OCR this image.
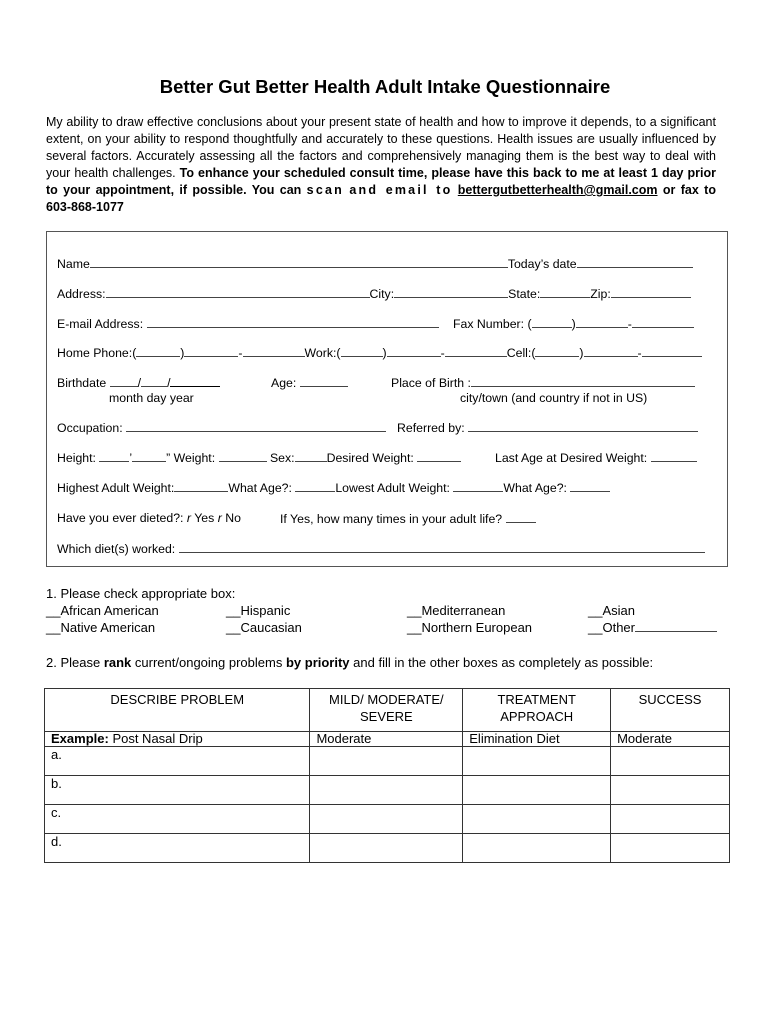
Better Gut Better Health Adult Intake Questionnaire
My ability to draw effective conclusions about your present state of health and how to improve it depends, to a significant extent, on your ability to respond thoughtfully and accurately to these questions. Health issues are usually influenced by several factors. Accurately assessing all the factors and comprehensively managing them is the best way to deal with your health challenges. To enhance your scheduled consult time, please have this back to me at least 1 day prior to your appointment, if possible. You can scan and email to bettergutbetterhealth@gmail.com or fax to 603-868-1077
Name	Today’s date
Address:	City:	State:	Zip:
E-mail Address:	Fax Number: (	)	-
Home Phone:(	)	-	Work:(	)	-	Cell:(	)	-
Birthdate	/ /
month day year
Age:	Place of Birth :
city/town (and country if not in US)
Occupation:	Referred by:
Height:	’	” Weight:	Sex:	Desired Weight:	Last Age at Desired Weight:
Highest Adult Weight:	What Age?:	Lowest Adult Weight:	What Age?:
Have you ever dieted?: r Yes r No	If Yes, how many times in your adult life?
Which diet(s) worked:
1. Please check appropriate box:
__African American	__Hispanic	__Mediterranean	__Asian
__Native American	__Caucasian	__Northern European	__Other
2. Please rank current/ongoing problems by priority and fill in the other boxes as completely as possible:
DESCRIBE PROBLEM	MILD/ MODERATE/ SEVERE	TREATMENT APPROACH	SUCCESS
Example: Post Nasal Drip	Moderate	Elimination Diet	Moderate
a.			
b.			
c.			
d.			
